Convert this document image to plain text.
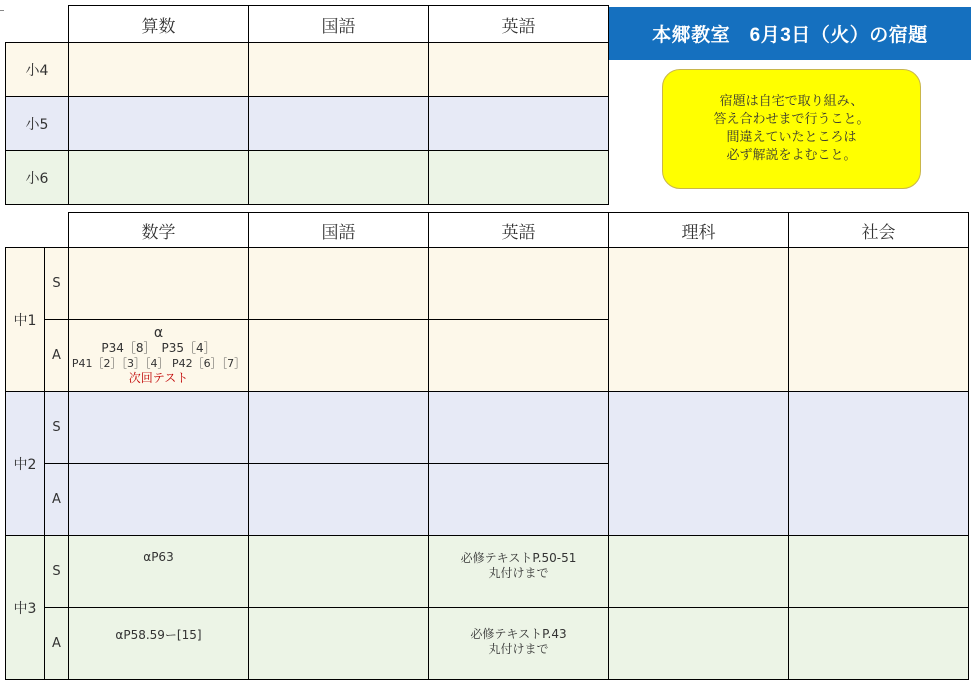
	算数	国語	英語
小4			
小5			
小6			
本郷教室　6月3日（火）の宿題
宿題は自宅で取り組み、
答え合わせまで行うこと。
間違えていたところは
必ず解説をよむこと。
		数学	国語	英語	理科	社会
中1	S					
	A	α
P34［8］　P35［4］
P41［2］［3］［4］ P42［6］［7］
次回テスト				

中2	S					
	A					
中3	S	αP63		必修テキストP.50-51
丸付けまで		

	A	αP58.59ー[15]		必修テキストP.43
丸付けまで		
